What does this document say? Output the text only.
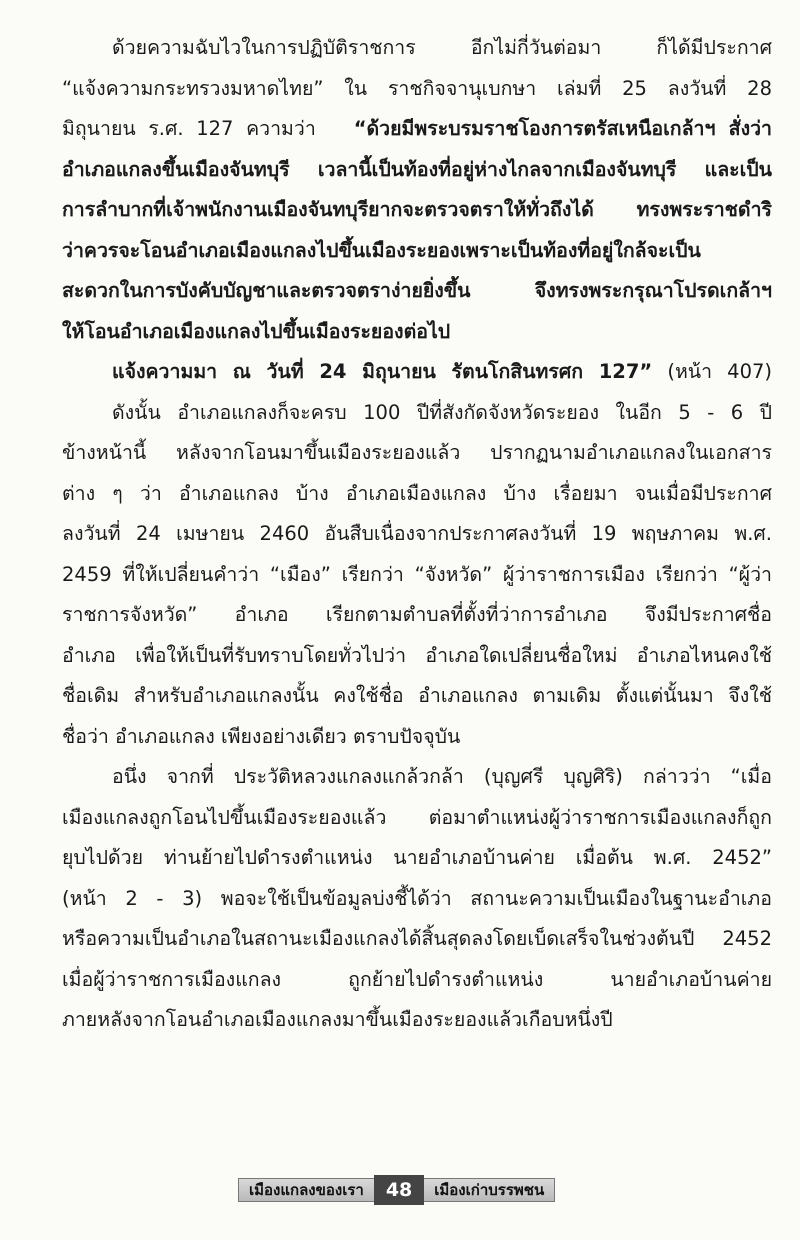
ด้วยความฉับไวในการปฏิบัติราชการ อีกไม่กี่วันต่อมา ก็ได้มีประกาศ
“แจ้งความกระทรวงมหาดไทย” ใน ราชกิจจานุเบกษา เล่มที่ 25 ลงวันที่ 28
มิถุนายน ร.ศ. 127 ความว่า “ด้วยมีพระบรมราชโองการตรัสเหนือเกล้าฯ สั่งว่า
อำเภอแกลงขึ้นเมืองจันทบุรี เวลานี้เป็นท้องที่อยู่ห่างไกลจากเมืองจันทบุรี และเป็น
การลำบากที่เจ้าพนักงานเมืองจันทบุรียากจะตรวจตราให้ทั่วถึงได้ ทรงพระราชดำริ
ว่าควรจะโอนอำเภอเมืองแกลงไปขึ้นเมืองระยองเพราะเป็นท้องที่อยู่ใกล้จะเป็น
สะดวกในการบังคับบัญชาและตรวจตราง่ายยิ่งขึ้น จึงทรงพระกรุณาโปรดเกล้าฯ
ให้โอนอำเภอเมืองแกลงไปขึ้นเมืองระยองต่อไป
แจ้งความมา ณ วันที่ 24 มิถุนายน รัตนโกสินทรศก 127” (หน้า 407)
ดังนั้น อำเภอแกลงก็จะครบ 100 ปีที่สังกัดจังหวัดระยอง ในอีก 5 - 6 ปี
ข้างหน้านี้ หลังจากโอนมาขึ้นเมืองระยองแล้ว ปรากฏนามอำเภอแกลงในเอกสาร
ต่าง ๆ ว่า อำเภอแกลง บ้าง อำเภอเมืองแกลง บ้าง เรื่อยมา จนเมื่อมีประกาศ
ลงวันที่ 24 เมษายน 2460 อันสืบเนื่องจากประกาศลงวันที่ 19 พฤษภาคม พ.ศ.
2459 ที่ให้เปลี่ยนคำว่า “เมือง” เรียกว่า “จังหวัด” ผู้ว่าราชการเมือง เรียกว่า “ผู้ว่า
ราชการจังหวัด” อำเภอ เรียกตามตำบลที่ตั้งที่ว่าการอำเภอ จึงมีประกาศชื่อ
อำเภอ เพื่อให้เป็นที่รับทราบโดยทั่วไปว่า อำเภอใดเปลี่ยนชื่อใหม่ อำเภอไหนคงใช้
ชื่อเดิม สำหรับอำเภอแกลงนั้น คงใช้ชื่อ อำเภอแกลง ตามเดิม ตั้งแต่นั้นมา จึงใช้
ชื่อว่า อำเภอแกลง เพียงอย่างเดียว ตราบปัจจุบัน
อนึ่ง จากที่ ประวัติหลวงแกลงแกล้วกล้า (บุญศรี บุญศิริ) กล่าวว่า “เมื่อ
เมืองแกลงถูกโอนไปขึ้นเมืองระยองแล้ว ต่อมาตำแหน่งผู้ว่าราชการเมืองแกลงก็ถูก
ยุบไปด้วย ท่านย้ายไปดำรงตำแหน่ง นายอำเภอบ้านค่าย เมื่อต้น พ.ศ. 2452”
(หน้า 2 - 3) พอจะใช้เป็นข้อมูลบ่งชี้ได้ว่า สถานะความเป็นเมืองในฐานะอำเภอ
หรือความเป็นอำเภอในสถานะเมืองแกลงได้สิ้นสุดลงโดยเบ็ดเสร็จในช่วงต้นปี 2452
เมื่อผู้ว่าราชการเมืองแกลง ถูกย้ายไปดำรงตำแหน่ง นายอำเภอบ้านค่าย
ภายหลังจากโอนอำเภอเมืองแกลงมาขึ้นเมืองระยองแล้วเกือบหนึ่งปี
เมืองแกลงของเรา	48	เมืองเก่าบรรพชน
